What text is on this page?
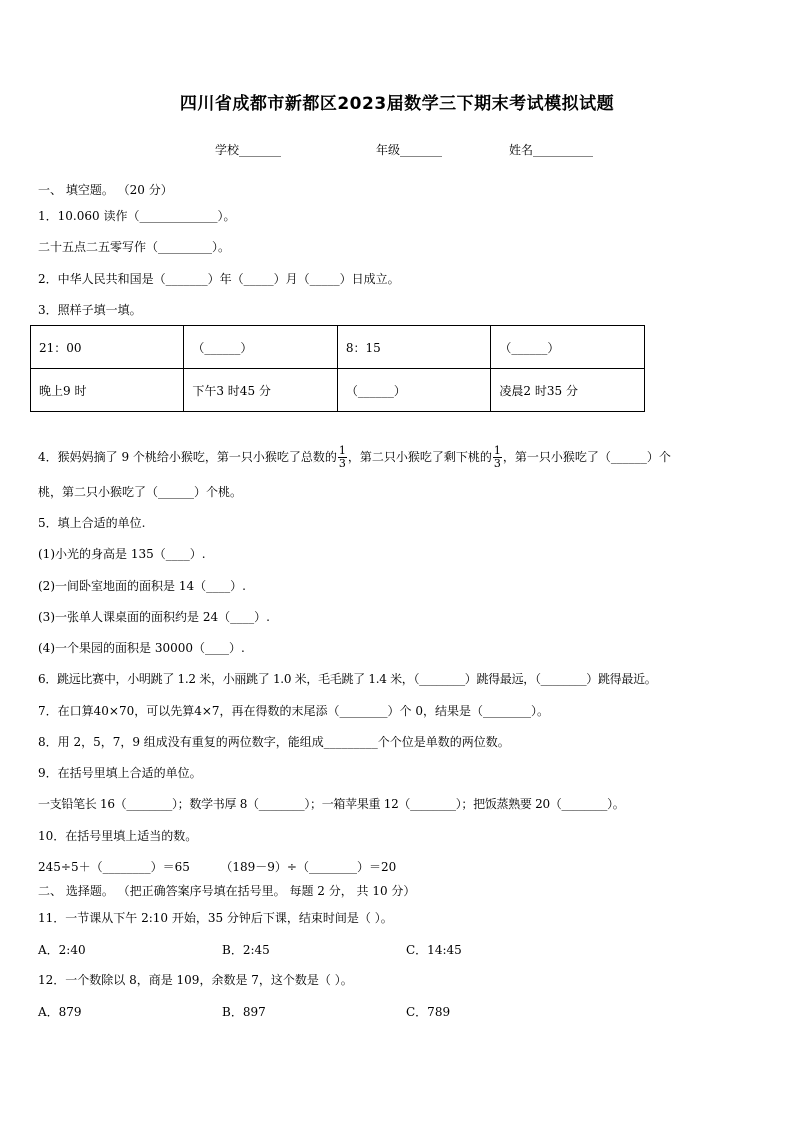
四川省成都市新都区2023届数学三下期末考试模拟试题
学校_______	年级_______	姓名__________
一、 填空题。 （20 分）
1．10.060 读作（_____________）。
二十五点二五零写作（_________）。
2．中华人民共和国是（_______）年（_____）月（_____）日成立。
3．照样子填一填。
21：00	（______）	8：15	（______）
晚上9 时	下午3 时45 分	（______）	凌晨2 时35 分
4．猴妈妈摘了 9 个桃给小猴吃，第一只小猴吃了总数的 $\frac{1}{3}$ ，第二只小猴吃了剩下桃的 $\frac{1}{3}$ ，第一只小猴吃了（______）个
桃，第二只小猴吃了（______）个桃。
5．填上合适的单位.
(1)小光的身高是 135（____）.
(2)一间卧室地面的面积是 14（____）.
(3)一张单人课桌面的面积约是 24（____）.
(4)一个果园的面积是 30000（____）.
6．跳远比赛中，小明跳了 1.2 米，小丽跳了 1.0 米，毛毛跳了 1.4 米，（________）跳得最远，（________）跳得最近。
7．在口算40×70，可以先算4×7，再在得数的末尾添（________）个 0，结果是（________）。
8．用 2，5，7，9 组成没有重复的两位数字，能组成_________个个位是单数的两位数。
9．在括号里填上合适的单位。
一支铅笔长 16（________）；数学书厚 8（________）；一箱苹果重 12（________）；把饭蒸熟要 20（________）。
10．在括号里填上适当的数。
245÷5＋（________）＝65        （189－9）÷（________）＝20
二、 选择题。 （把正确答案序号填在括号里。 每题 2 分， 共 10 分）
11．一节课从下午 2:10 开始，35 分钟后下课，结束时间是（ ）。
A．2:40	B．2:45	C．14:45
12．一个数除以 8，商是 109，余数是 7，这个数是（ ）。
A．879	B．897	C．789
